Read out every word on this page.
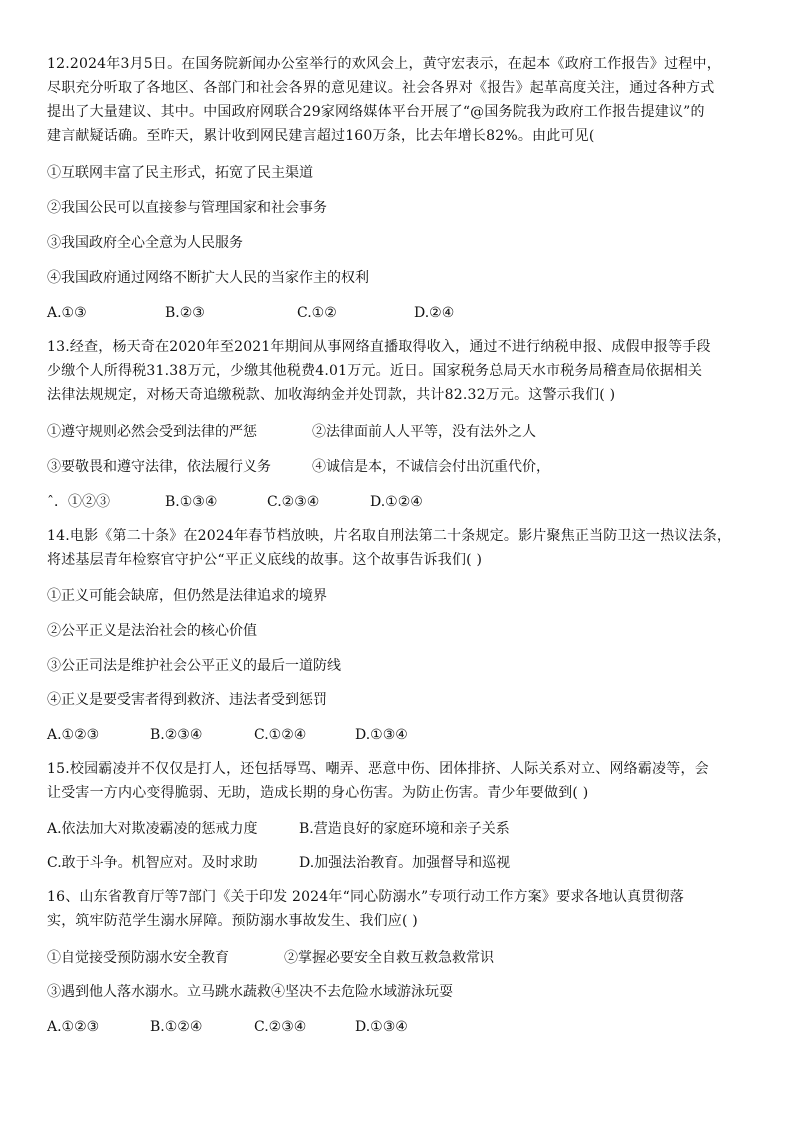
12.2024年3月5日。在国务院新闻办公室举行的欢风会上，黄守宏表示，在起本《政府工作报告》过程中，
尽职充分听取了各地区、各部门和社会各界的意见建议。社会各界对《报告》起革高度关注，通过各种方式
提出了大量建议、其中。中国政府网联合29家网络媒体平台开展了“@国务院我为政府工作报告提建议”的
建言献疑话确。至昨天，累计收到网民建言超过160万条，比去年增长82%。由此可见(
①互联网丰富了民主形式，拓宽了民主渠道
②我国公民可以直接参与管理国家和社会事务
③我国政府全心全意为人民服务
④我国政府通过网络不断扩大人民的当家作主的权利
A.①③	B.②③	C.①②	D.②④
13.经查，杨天奇在2020年至2021年期间从事网络直播取得收入，通过不进行纳税申报、成假申报等手段
少缴个人所得税31.38万元，少缴其他税费4.01万元。近日。国家税务总局天水市税务局稽查局依据相关
法律法规规定，对杨天奇追缴税款、加收海纳金并处罚款，共计82.32万元。这警示我们( )
①遵守规则必然会受到法律的严惩	②法律面前人人平等，没有法外之人
③要敬畏和遵守法律，依法履行义务	④诚信是本，不诚信会付出沉重代价，
ˆ．①②③	B.①③④	C.②③④	D.①②④
14.电影《第二十条》在2024年春节档放映，片名取自刑法第二十条规定。影片聚焦正当防卫这一热议法条，
将述基层青年检察官守护公“平正义底线的故事。这个故事告诉我们( )
①正义可能会缺席，但仍然是法律追求的境界
②公平正义是法治社会的核心价值
③公正司法是维护社会公平正义的最后一道防线
④正义是要受害者得到救济、违法者受到惩罚
A.①②③	B.②③④	C.①②④	D.①③④
15.校园霸凌并不仅仅是打人，还包括辱骂、嘲弄、恶意中伤、团体排挤、人际关系对立、网络霸凌等，会
让受害一方内心变得脆弱、无助，造成长期的身心伤害。为防止伤害。青少年要做到( )
A.依法加大对欺凌霸凌的惩戒力度	B.营造良好的家庭环境和亲子关系
C.敢于斗争。机智应对。及时求助	D.加强法治教育。加强督导和巡视
16、山东省教育厅等7部门《关于印发 2024年“同心防溺水”专项行动工作方案》要求各地认真贯彻落
实，筑牢防范学生溺水屏障。预防溺水事故发生、我们应( )
①自觉接受预防溺水安全教育	②掌握必要安全自救互救急救常识
③遇到他人落水溺水。立马跳水蔬救④坚决不去危险水域游泳玩耍
A.①②③	B.①②④	C.②③④	D.①③④
